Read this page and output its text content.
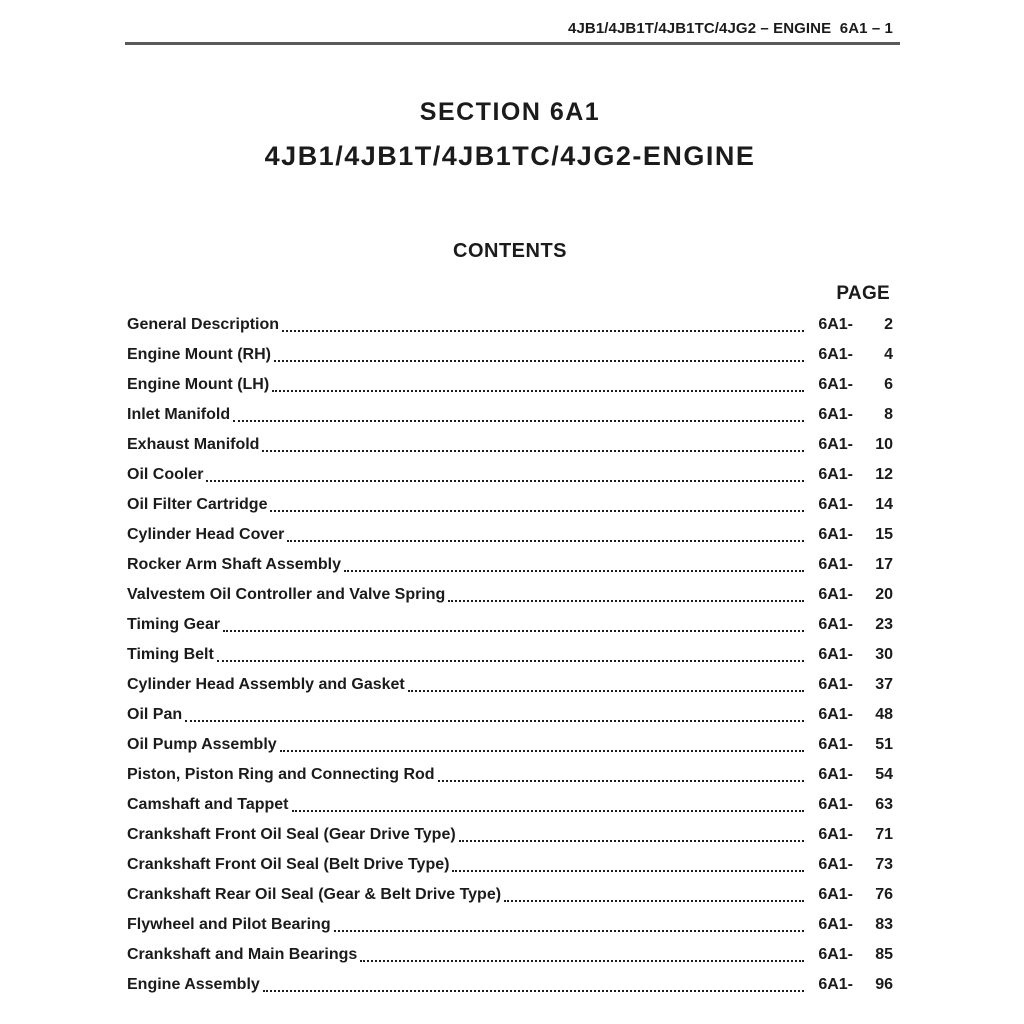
4JB1/4JB1T/4JB1TC/4JG2 – ENGINE  6A1 – 1
SECTION 6A1
4JB1/4JB1T/4JB1TC/4JG2-ENGINE
CONTENTS
PAGE
General Description	6A1-	2
Engine Mount (RH)	6A1-	4
Engine Mount (LH)	6A1-	6
Inlet Manifold	6A1-	8
Exhaust Manifold	6A1-	10
Oil Cooler	6A1-	12
Oil Filter Cartridge	6A1-	14
Cylinder Head Cover	6A1-	15
Rocker Arm Shaft Assembly	6A1-	17
Valvestem Oil Controller and Valve Spring	6A1-	20
Timing Gear	6A1-	23
Timing Belt	6A1-	30
Cylinder Head Assembly and Gasket	6A1-	37
Oil Pan	6A1-	48
Oil Pump Assembly	6A1-	51
Piston, Piston Ring and Connecting Rod	6A1-	54
Camshaft and Tappet	6A1-	63
Crankshaft Front Oil Seal (Gear Drive Type)	6A1-	71
Crankshaft Front Oil Seal (Belt Drive Type)	6A1-	73
Crankshaft Rear Oil Seal (Gear & Belt Drive Type)	6A1-	76
Flywheel and Pilot Bearing	6A1-	83
Crankshaft and Main Bearings	6A1-	85
Engine Assembly	6A1-	96
